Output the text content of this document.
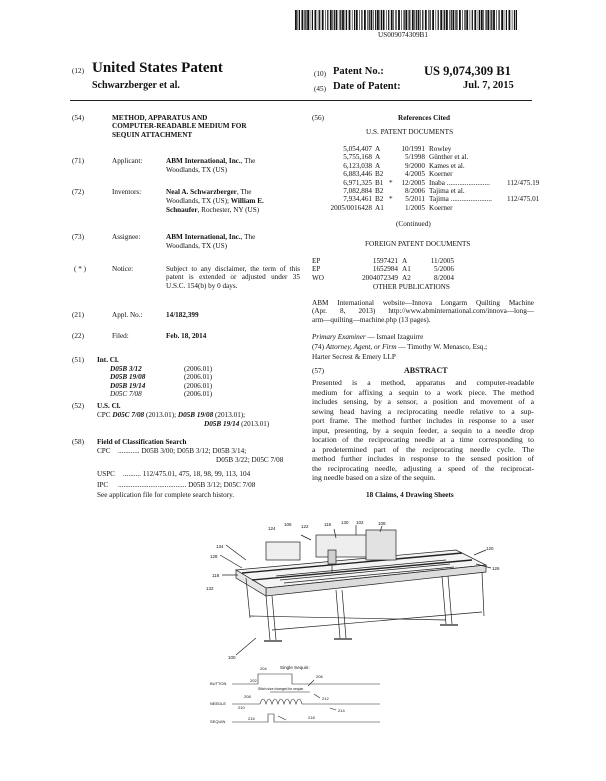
US009074309B1
(12) United States Patent
Schwarzberger et al.
(10) Patent No.:	US 9,074,309 B1
(45) Date of Patent:	Jul. 7, 2015
(54)	METHOD, APPARATUS AND
COMPUTER-READABLE MEDIUM FOR
SEQUIN ATTACHMENT
(71)	Applicant:	ABM International, Inc., The
Woodlands, TX (US)
(72)	Inventors:	Neal A. Schwarzberger, The
Woodlands, TX (US); William E.
Schnaufer, Rochester, NY (US)
(73)	Assignee:	ABM International, Inc., The
Woodlands, TX (US)
( * )	Notice:	Subject to any disclaimer, the term of this
patent is extended or adjusted under 35
U.S.C. 154(b) by 0 days.
(21)	Appl. No.:	14/182,399
(22)	Filed:	Feb. 18, 2014
(51) Int. Cl.
D05B 3/12	(2006.01)
D05B 19/08	(2006.01)
D05B 19/14	(2006.01)
D05C 7/08	(2006.01)
(52) U.S. Cl.
CPC D05C 7/08 (2013.01); D05B 19/08 (2013.01);
D05B 19/14 (2013.01)
(58) Field of Classification Search
CPC ............ D05B 3/00; D05B 3/12; D05B 3/14;
D05B 3/22; D05C 7/08
USPC .......... 112/475.01, 475, 18, 98, 99, 113, 104
IPC ...................................... D05B 3/12; D05C 7/08
See application file for complete search history.
(56)	References Cited
U.S. PATENT DOCUMENTS
5,054,407	A		10/1991	Rowley	
5,755,168	A		5/1998	Günther et al.	
6,123,038	A		9/2000	Kames et al.	
6,883,446	B2		4/2005	Koerner	
6,971,325	B1	*	12/2005	Inaba ........................	112/475.19
7,082,884	B2		8/2006	Tajima et al.	
7,934,461	B2	*	5/2011	Tajima .......................	112/475.01
2005/0016428	A1		1/2005	Koerner	
(Continued)
FOREIGN PATENT DOCUMENTS
EP	1597421	A	11/2005
EP	1652984	A1	5/2006
WO	2004072349	A2	8/2004
OTHER PUBLICATIONS
ABM International website—Innova Longarm Quilting Machine
(Apr. 8, 2013) http://www.abminternational.com/innova—long—
arm—quilting—machine.php (13 pages).
Primary Examiner — Ismael Izaguirre
(74) Attorney, Agent, or Firm — Timothy W. Menasco, Esq.;
Harter Secrest & Emery LLP
(57)	ABSTRACT
Presented is a method, apparatus and computer-readable
medium for affixing a sequin to a work piece. The method
includes sensing, by a sensor, a position and movement of a
sewing head having a reciprocating needle relative to a sup-
port frame. The method further includes in response to a user
input, presenting, by a sequin feeder, a sequin to a needle drop
location of the reciprocating needle at a time corresponding to
a predetermined part of the reciprocating needle cycle. The
method further includes in response to the sensed position of
the reciprocating needle, adjusting a speed of the reciprocat-
ing needle based on a size of the sequin.
18 Claims, 4 Drawing Sheets
124
106 122	116 130 102	108
134
128
118
120
126
132
100
Single Sequin:
Stitch size changed for sequin
BUTTON
NEEDLE
SEQUIN
204
202
206
212
208
210
214
216	218
